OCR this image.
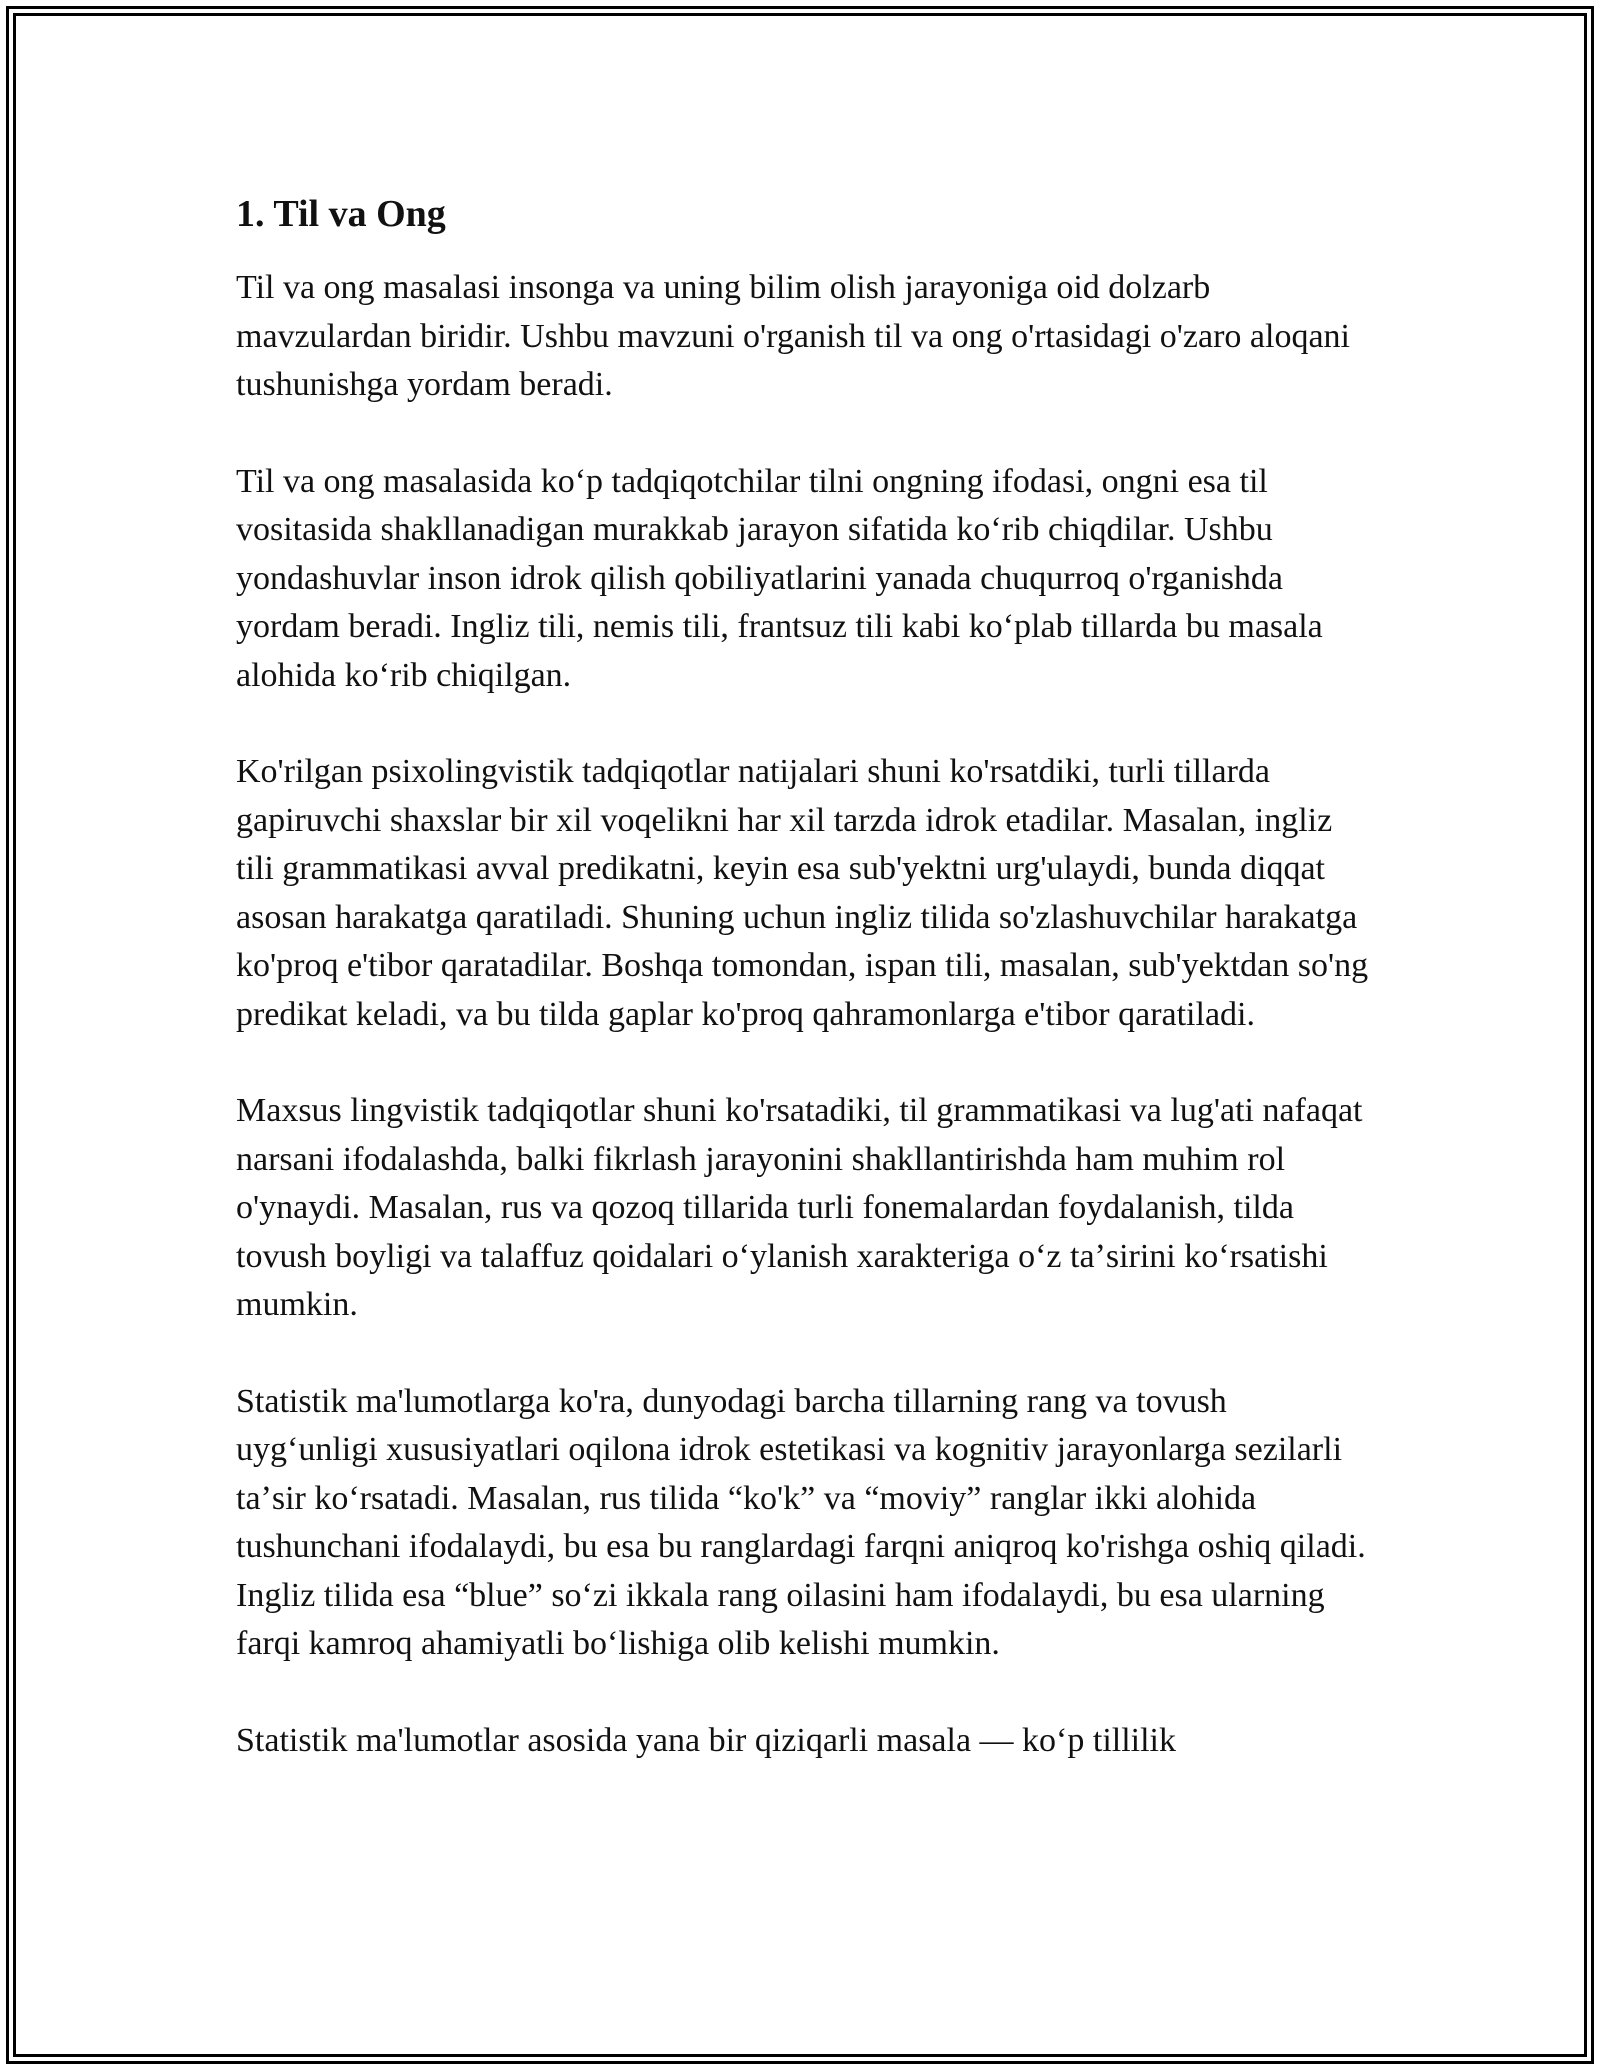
1. Til va Ong

Til va ong masalasi insonga va uning bilim olish jarayoniga oid dolzarb mavzulardan biridir. Ushbu mavzuni o'rganish til va ong o'rtasidagi o'zaro aloqani tushunishga yordam beradi.

Til va ong masalasida koʻp tadqiqotchilar tilni ongning ifodasi, ongni esa til vositasida shakllanadigan murakkab jarayon sifatida koʻrib chiqdilar. Ushbu yondashuvlar inson idrok qilish qobiliyatlarini yanada chuqurroq o'rganishda yordam beradi. Ingliz tili, nemis tili, frantsuz tili kabi koʻplab tillarda bu masala alohida koʻrib chiqilgan.

Ko'rilgan psixolingvistik tadqiqotlar natijalari shuni ko'rsatdiki, turli tillarda gapiruvchi shaxslar bir xil voqelikni har xil tarzda idrok etadilar. Masalan, ingliz tili grammatikasi avval predikatni, keyin esa sub'yektni urg'ulaydi, bunda diqqat asosan harakatga qaratiladi. Shuning uchun ingliz tilida so'zlashuvchilar harakatga ko'proq e'tibor qaratadilar. Boshqa tomondan, ispan tili, masalan, sub'yektdan so'ng predikat keladi, va bu tilda gaplar ko'proq qahramonlarga e'tibor qaratiladi.

Maxsus lingvistik tadqiqotlar shuni ko'rsatadiki, til grammatikasi va lug'ati nafaqat narsani ifodalashda, balki fikrlash jarayonini shakllantirishda ham muhim rol o'ynaydi. Masalan, rus va qozoq tillarida turli fonemalardan foydalanish, tilda tovush boyligi va talaffuz qoidalari oʻylanish xarakteriga oʻz taʼsirini koʻrsatishi mumkin.

Statistik ma'lumotlarga ko'ra, dunyodagi barcha tillarning rang va tovush uygʻunligi xususiyatlari oqilona idrok estetikasi va kognitiv jarayonlarga sezilarli taʼsir koʻrsatadi. Masalan, rus tilida “ko'k” va “moviy” ranglar ikki alohida tushunchani ifodalaydi, bu esa bu ranglardagi farqni aniqroq ko'rishga oshiq qiladi. Ingliz tilida esa “blue” soʻzi ikkala rang oilasini ham ifodalaydi, bu esa ularning farqi kamroq ahamiyatli boʻlishiga olib kelishi mumkin.

Statistik ma'lumotlar asosida yana bir qiziqarli masala — koʻp tillilik
